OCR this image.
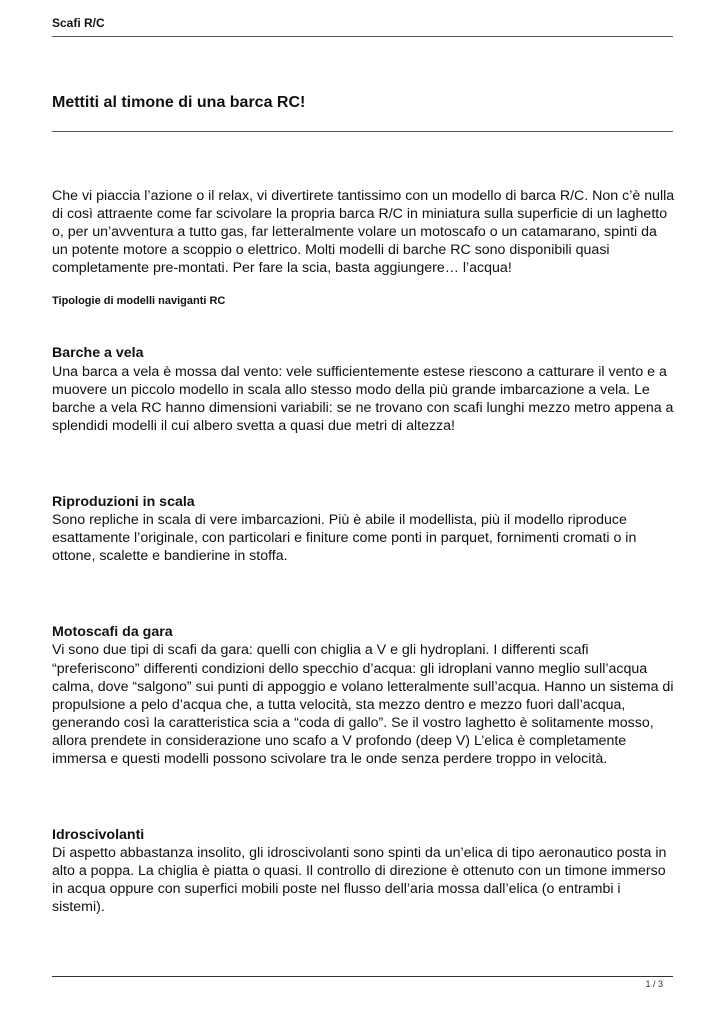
Scafi R/C
Mettiti al timone di una barca RC!

Che vi piaccia l’azione o il relax, vi divertirete tantissimo con un modello di barca R/C. Non c’è nulla di così attraente come far scivolare la propria barca R/C in miniatura sulla superficie di un laghetto o, per un’avventura a tutto gas, far letteralmente volare un motoscafo o un catamarano, spinti da un potente motore a scoppio o elettrico. Molti modelli di barche RC sono disponibili quasi completamente pre-montati. Per fare la scia, basta aggiungere… l’acqua!

Tipologie di modelli naviganti RC

Barche a vela

Una barca a vela è mossa dal vento: vele sufficientemente estese riescono a catturare il vento e a muovere un piccolo modello in scala allo stesso modo della più grande imbarcazione a vela. Le barche a vela RC hanno dimensioni variabili: se ne trovano con scafi lunghi mezzo metro appena a splendidi modelli il cui albero svetta a quasi due metri di altezza!

Riproduzioni in scala

Sono repliche in scala di vere imbarcazioni. Più è abile il modellista, più il modello riproduce esattamente l’originale, con particolari e finiture come ponti in parquet, fornimenti cromati o in ottone, scalette e bandierine in stoffa.

Motoscafi da gara

Vi sono due tipi di scafi da gara: quelli con chiglia a V e gli hydroplani. I differenti scafi “preferiscono” differenti condizioni dello specchio d’acqua: gli idroplani vanno meglio sull’acqua calma, dove “salgono” sui punti di appoggio e volano letteralmente sull’acqua. Hanno un sistema di propulsione a pelo d’acqua che, a tutta velocità, sta mezzo dentro e mezzo fuori dall’acqua, generando così la caratteristica scia a “coda di gallo”. Se il vostro laghetto è solitamente mosso, allora prendete in considerazione uno scafo a V profondo (deep V) L’elica è completamente immersa e questi modelli possono scivolare tra le onde senza perdere troppo in velocità.

Idroscivolanti

Di aspetto abbastanza insolito, gli idroscivolanti sono spinti da un’elica di tipo aeronautico posta in alto a poppa. La chiglia è piatta o quasi. Il controllo di direzione è ottenuto con un timone immerso in acqua oppure con superfici mobili poste nel flusso dell’aria mossa dall’elica (o entrambi i sistemi).

1 / 3
